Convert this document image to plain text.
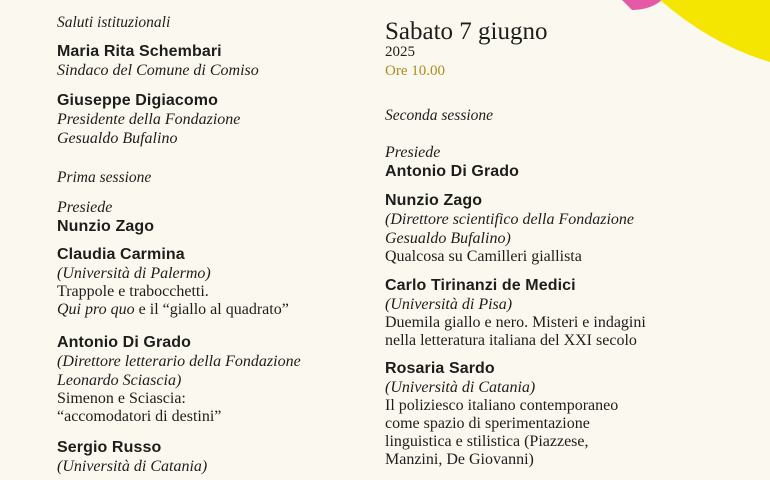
Saluti istituzionali

Maria Rita Schembari

Sindaco del Comune di Comiso

Giuseppe Digiacomo

Presidente della Fondazione

Gesualdo Bufalino

Prima sessione

Presiede

Nunzio Zago

Claudia Carmina

(Università di Palermo)

Trappole e trabocchetti.

Qui pro quo e il “giallo al quadrato”

Antonio Di Grado

(Direttore letterario della Fondazione

Leonardo Sciascia)

Simenon e Sciascia:

“accomodatori di destini”

Sergio Russo

(Università di Catania)

Sabato 7 giugno

2025

Ore 10.00

Seconda sessione

Presiede

Antonio Di Grado

Nunzio Zago

(Direttore scientifico della Fondazione

Gesualdo Bufalino)

Qualcosa su Camilleri giallista

Carlo Tirinanzi de Medici

(Università di Pisa)

Duemila giallo e nero. Misteri e indagini

nella letteratura italiana del XXI secolo

Rosaria Sardo

(Università di Catania)

Il poliziesco italiano contemporaneo

come spazio di sperimentazione

linguistica e stilistica (Piazzese,

Manzini, De Giovanni)
